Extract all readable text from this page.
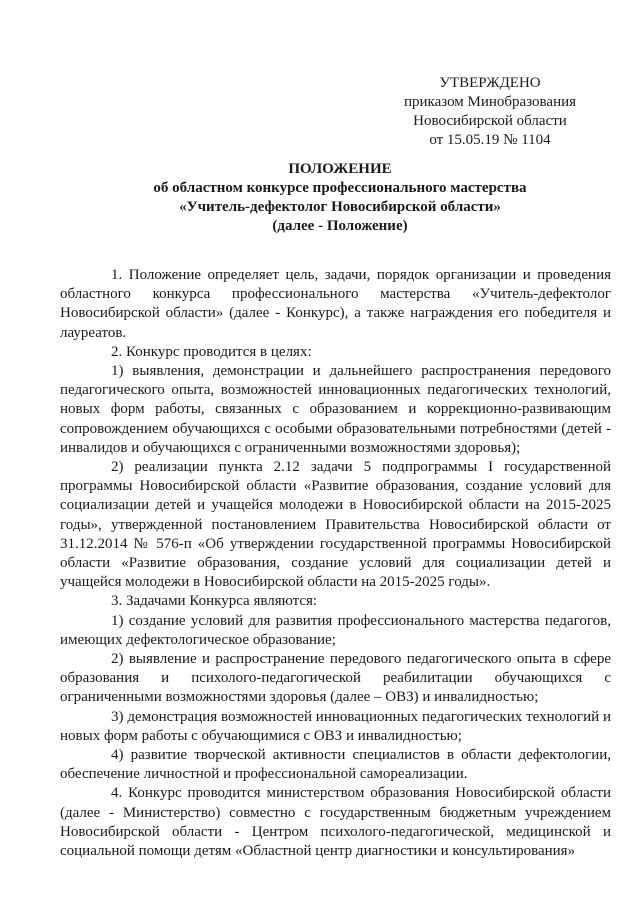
УТВЕРЖДЕНО
приказом Минобразования
Новосибирской области
от 15.05.19 № 1104
ПОЛОЖЕНИЕ
об областном конкурсе профессионального мастерства
«Учитель-дефектолог Новосибирской области»
(далее - Положение)

1. Положение определяет цель, задачи, порядок организации и проведения областного конкурса профессионального мастерства «Учитель-дефектолог Новосибирской области» (далее - Конкурс), а также награждения его победителя и лауреатов.

2. Конкурс проводится в целях:

1) выявления, демонстрации и дальнейшего распространения передового педагогического опыта, возможностей инновационных педагогических технологий, новых форм работы, связанных с образованием и коррекционно-развивающим сопровождением обучающихся с особыми образовательными потребностями (детей - инвалидов и обучающихся с ограниченными возможностями здоровья);

2) реализации пункта 2.12 задачи 5 подпрограммы I государственной программы Новосибирской области «Развитие образования, создание условий для социализации детей и учащейся молодежи в Новосибирской области на 2015-2025 годы», утвержденной постановлением Правительства Новосибирской области от 31.12.2014 № 576-п «Об утверждении государственной программы Новосибирской области «Развитие образования, создание условий для социализации детей и учащейся молодежи в Новосибирской области на 2015-2025 годы».

3. Задачами Конкурса являются:

1) создание условий для развития профессионального мастерства педагогов, имеющих дефектологическое образование;

2) выявление и распространение передового педагогического опыта в сфере образования и психолого-педагогической реабилитации обучающихся с ограниченными возможностями здоровья (далее – ОВЗ) и инвалидностью;

3) демонстрация возможностей инновационных педагогических технологий и новых форм работы с обучающимися с ОВЗ и инвалидностью;

4) развитие творческой активности специалистов в области дефектологии, обеспечение личностной и профессиональной самореализации.

4. Конкурс проводится министерством образования Новосибирской области (далее - Министерство) совместно с государственным бюджетным учреждением Новосибирской области - Центром психолого-педагогической, медицинской и социальной помощи детям «Областной центр диагностики и консультирования»
